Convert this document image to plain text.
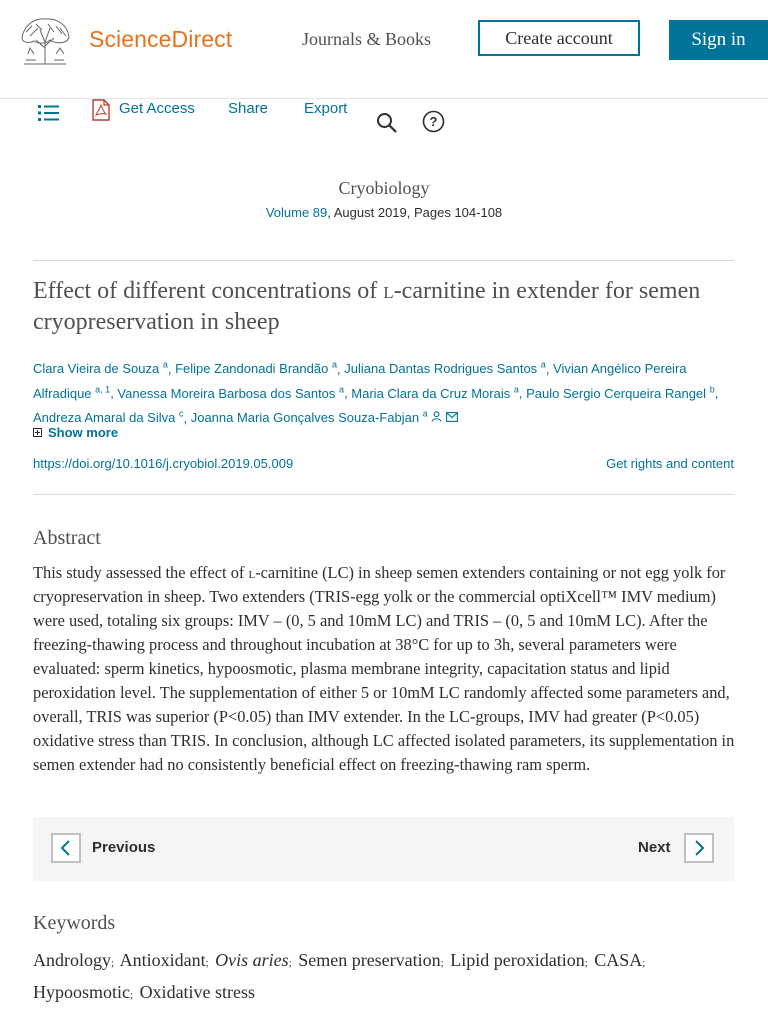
ScienceDirect	Journals & Books	Create account	Sign in
Get Access Share Export
?
Cryobiology
Volume 89, August 2019, Pages 104-108
Effect of different concentrations of l-carnitine in extender for semen cryopreservation in sheep
Clara Vieira de Souza $^a$, Felipe Zandonadi Brandão $^a$, Juliana Dantas Rodrigues Santos $^a$, Vivian Angélico Pereira Alfradique $^{a, 1}$, Vanessa Moreira Barbosa dos Santos $^a$, Maria Clara da Cruz Morais $^a$, Paulo Sergio Cerqueira Rangel $^b$, Andreza Amaral da Silva $^c$, Joanna Maria Gonçalves Souza-Fabjan $^a$
Show more
https://doi.org/10.1016/j.cryobiol.2019.05.009	Get rights and content
Abstract
This study assessed the effect of l-carnitine (LC) in sheep semen extenders containing or not egg yolk for cryopreservation in sheep. Two extenders (TRIS-egg yolk or the commercial optiXcell™ IMV medium) were used, totaling six groups: IMV – (0, 5 and 10mM LC) and TRIS – (0, 5 and 10mM LC). After the freezing-thawing process and throughout incubation at 38°C for up to 3h, several parameters were evaluated: sperm kinetics, hypoosmotic, plasma membrane integrity, capacitation status and lipid peroxidation level. The supplementation of either 5 or 10mM LC randomly affected some parameters and, overall, TRIS was superior (P<0.05) than IMV extender. In the LC-groups, IMV had greater (P<0.05) oxidative stress than TRIS. In conclusion, although LC affected isolated parameters, its supplementation in semen extender had no consistently beneficial effect on freezing-thawing ram sperm.
Previous	Next
Keywords
Andrology; Antioxidant; Ovis aries; Semen preservation; Lipid peroxidation; CASA; Hypoosmotic; Oxidative stress
